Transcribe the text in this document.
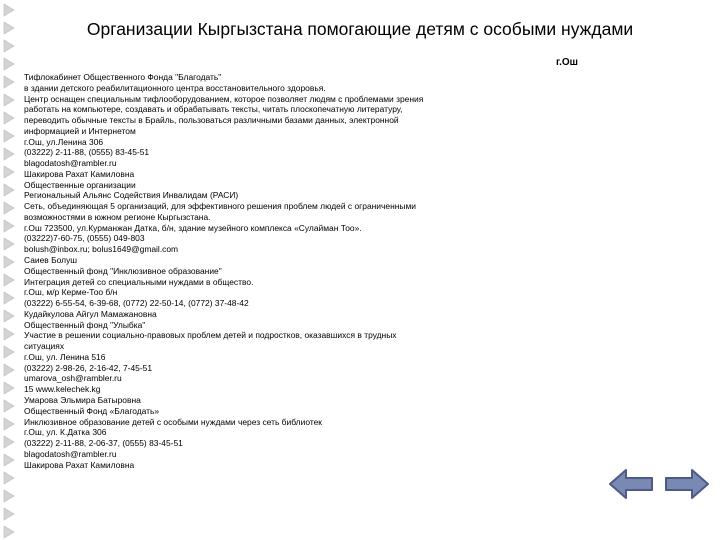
Организации Кыргызстана помогающие детям с особыми нуждами
г.Ош
Тифлокабинет Общественного Фонда "Благодать"
в здании детского реабилитационного центра восстановительного здоровья.
Центр оснащен специальным тифлооборудованием, которое позволяет людям с проблемами зрения
работать на компьютере, создавать и обрабатывать тексты, читать плоскопечатную литературу,
переводить обычные тексты в Брайль, пользоваться различными базами данных, электронной
информацией и Интернетом
г.Ош, ул.Ленина 306
(03222) 2-11-88, (0555) 83-45-51
blagodatosh@rambler.ru
Шакирова Рахат Камиловна
Общественные организации
Региональный Альянс Содействия Инвалидам (РАСИ)
Сеть, объединяющая 5 организаций, для эффективного решения проблем людей с ограниченными
возможностями в южном регионе Кыргызстана.
г.Ош 723500, ул.Курманжан Датка, б/н, здание музейного комплекса «Сулайман Тоо».
(03222)7-60-75, (0555) 049-803
bolush@inbox.ru; bolus1649@gmail.com
Саиев Болуш
Общественный фонд "Инклюзивное образование"
Интеграция детей со специальными нуждами в общество.
г.Ош, м/р Керме-Тоо б/н
(03222) 6-55-54, 6-39-68, (0772) 22-50-14, (0772) 37-48-42
Кудайкулова Айгул Мамажановна
Общественный фонд "Улыбка"
Участие в решении социально-правовых проблем детей и подростков, оказавшихся в трудных
ситуациях
г.Ош, ул. Ленина 516
(03222) 2-98-26, 2-16-42, 7-45-51
umarova_osh@rambler.ru
15 www.kelechek.kg
Умарова Эльмира Батыровна
Общественный Фонд «Благодать»
Инклюзивное образование детей с особыми нуждами через сеть библиотек
г.Ош, ул. К.Датка 306
(03222) 2-11-88, 2-06-37, (0555) 83-45-51
blagodatosh@rambler.ru
Шакирова Рахат Камиловна
